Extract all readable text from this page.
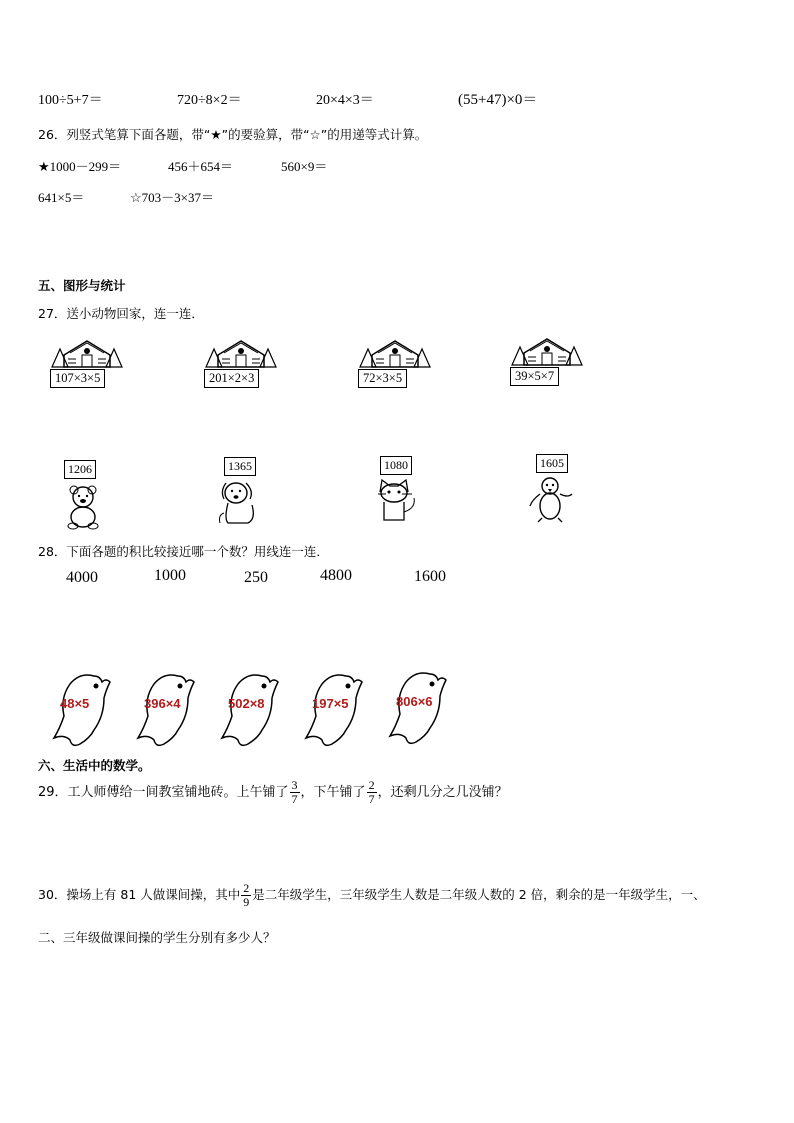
100÷5+7＝	720÷8×2＝	20×4×3＝	(55+47)×0＝
26．列竖式笔算下面各题，带“★”的要验算，带“☆”的用递等式计算。
★1000－299＝	456＋654＝	560×9＝
641×5＝	☆703－3×37＝
五、图形与统计
27．送小动物回家，连一连．
107×3×5	201×2×3	72×3×5	39×5×7
1206	1365	1080	1605
28．下面各题的积比较接近哪一个数？用线连一连．
4000	1000	250	4800	1600
48×5	396×4	502×8	197×5	806×6
六、生活中的数学。
29．工人师傅给一间教室铺地砖。上午铺了 $\frac{3}{7}$ ，下午铺了 $\frac{2}{7}$ ，还剩几分之几没铺？
30．操场上有 81 人做课间操，其中 $\frac{2}{9}$ 是二年级学生，三年级学生人数是二年级人数的 2 倍，剩余的是一年级学生，一、
二、三年级做课间操的学生分别有多少人？
